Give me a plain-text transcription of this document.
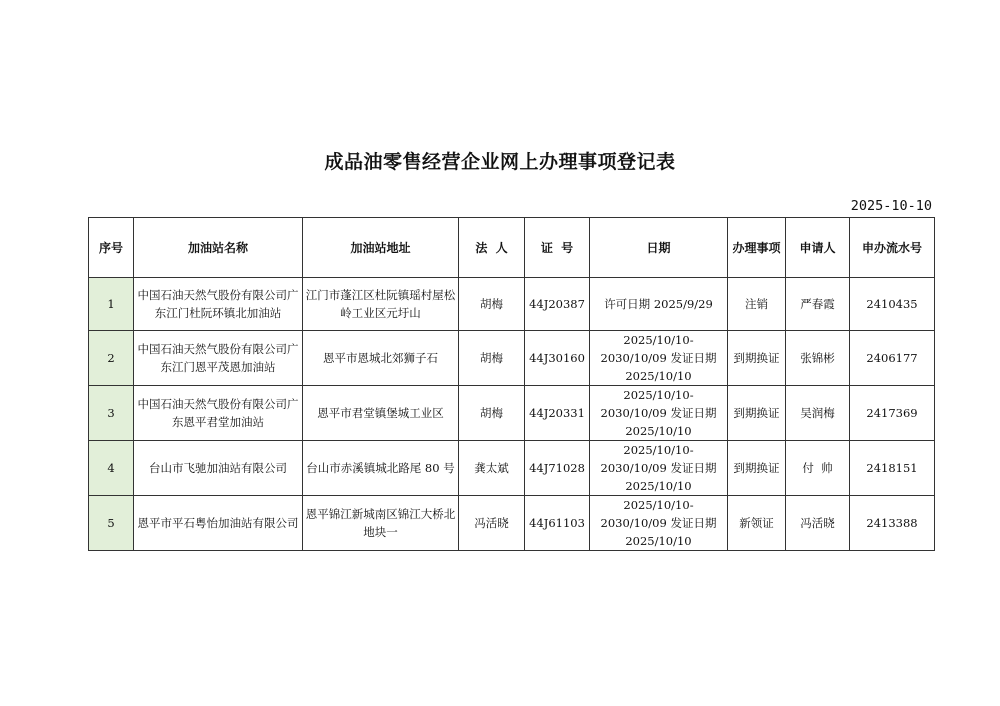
成品油零售经营企业网上办理事项登记表
2025-10-10
序号	加油站名称	加油站地址	法  人	证  号	日期	办理事项	申请人	申办流水号
1	中国石油天然气股份有限公司广东江门杜阮环镇北加油站	江门市蓬江区杜阮镇瑶村屋松岭工业区元圩山	胡梅	44J20387	许可日期 2025/9/29	注销	严春霞	2410435
2	中国石油天然气股份有限公司广东江门恩平茂恩加油站	恩平市恩城北郊狮子石	胡梅	44J30160	2025/10/10-2030/10/09 发证日期 2025/10/10	到期换证	张锦彬	2406177
3	中国石油天然气股份有限公司广东恩平君堂加油站	恩平市君堂镇堡城工业区	胡梅	44J20331	2025/10/10-2030/10/09 发证日期 2025/10/10	到期换证	吴润梅	2417369
4	台山市飞驰加油站有限公司	台山市赤溪镇城北路尾 80 号	龚太斌	44J71028	2025/10/10-2030/10/09 发证日期 2025/10/10	到期换证	付  帅	2418151
5	恩平市平石粤怡加油站有限公司	恩平锦江新城南区锦江大桥北地块一	冯活晓	44J61103	2025/10/10-2030/10/09 发证日期 2025/10/10	新领证	冯活晓	2413388
